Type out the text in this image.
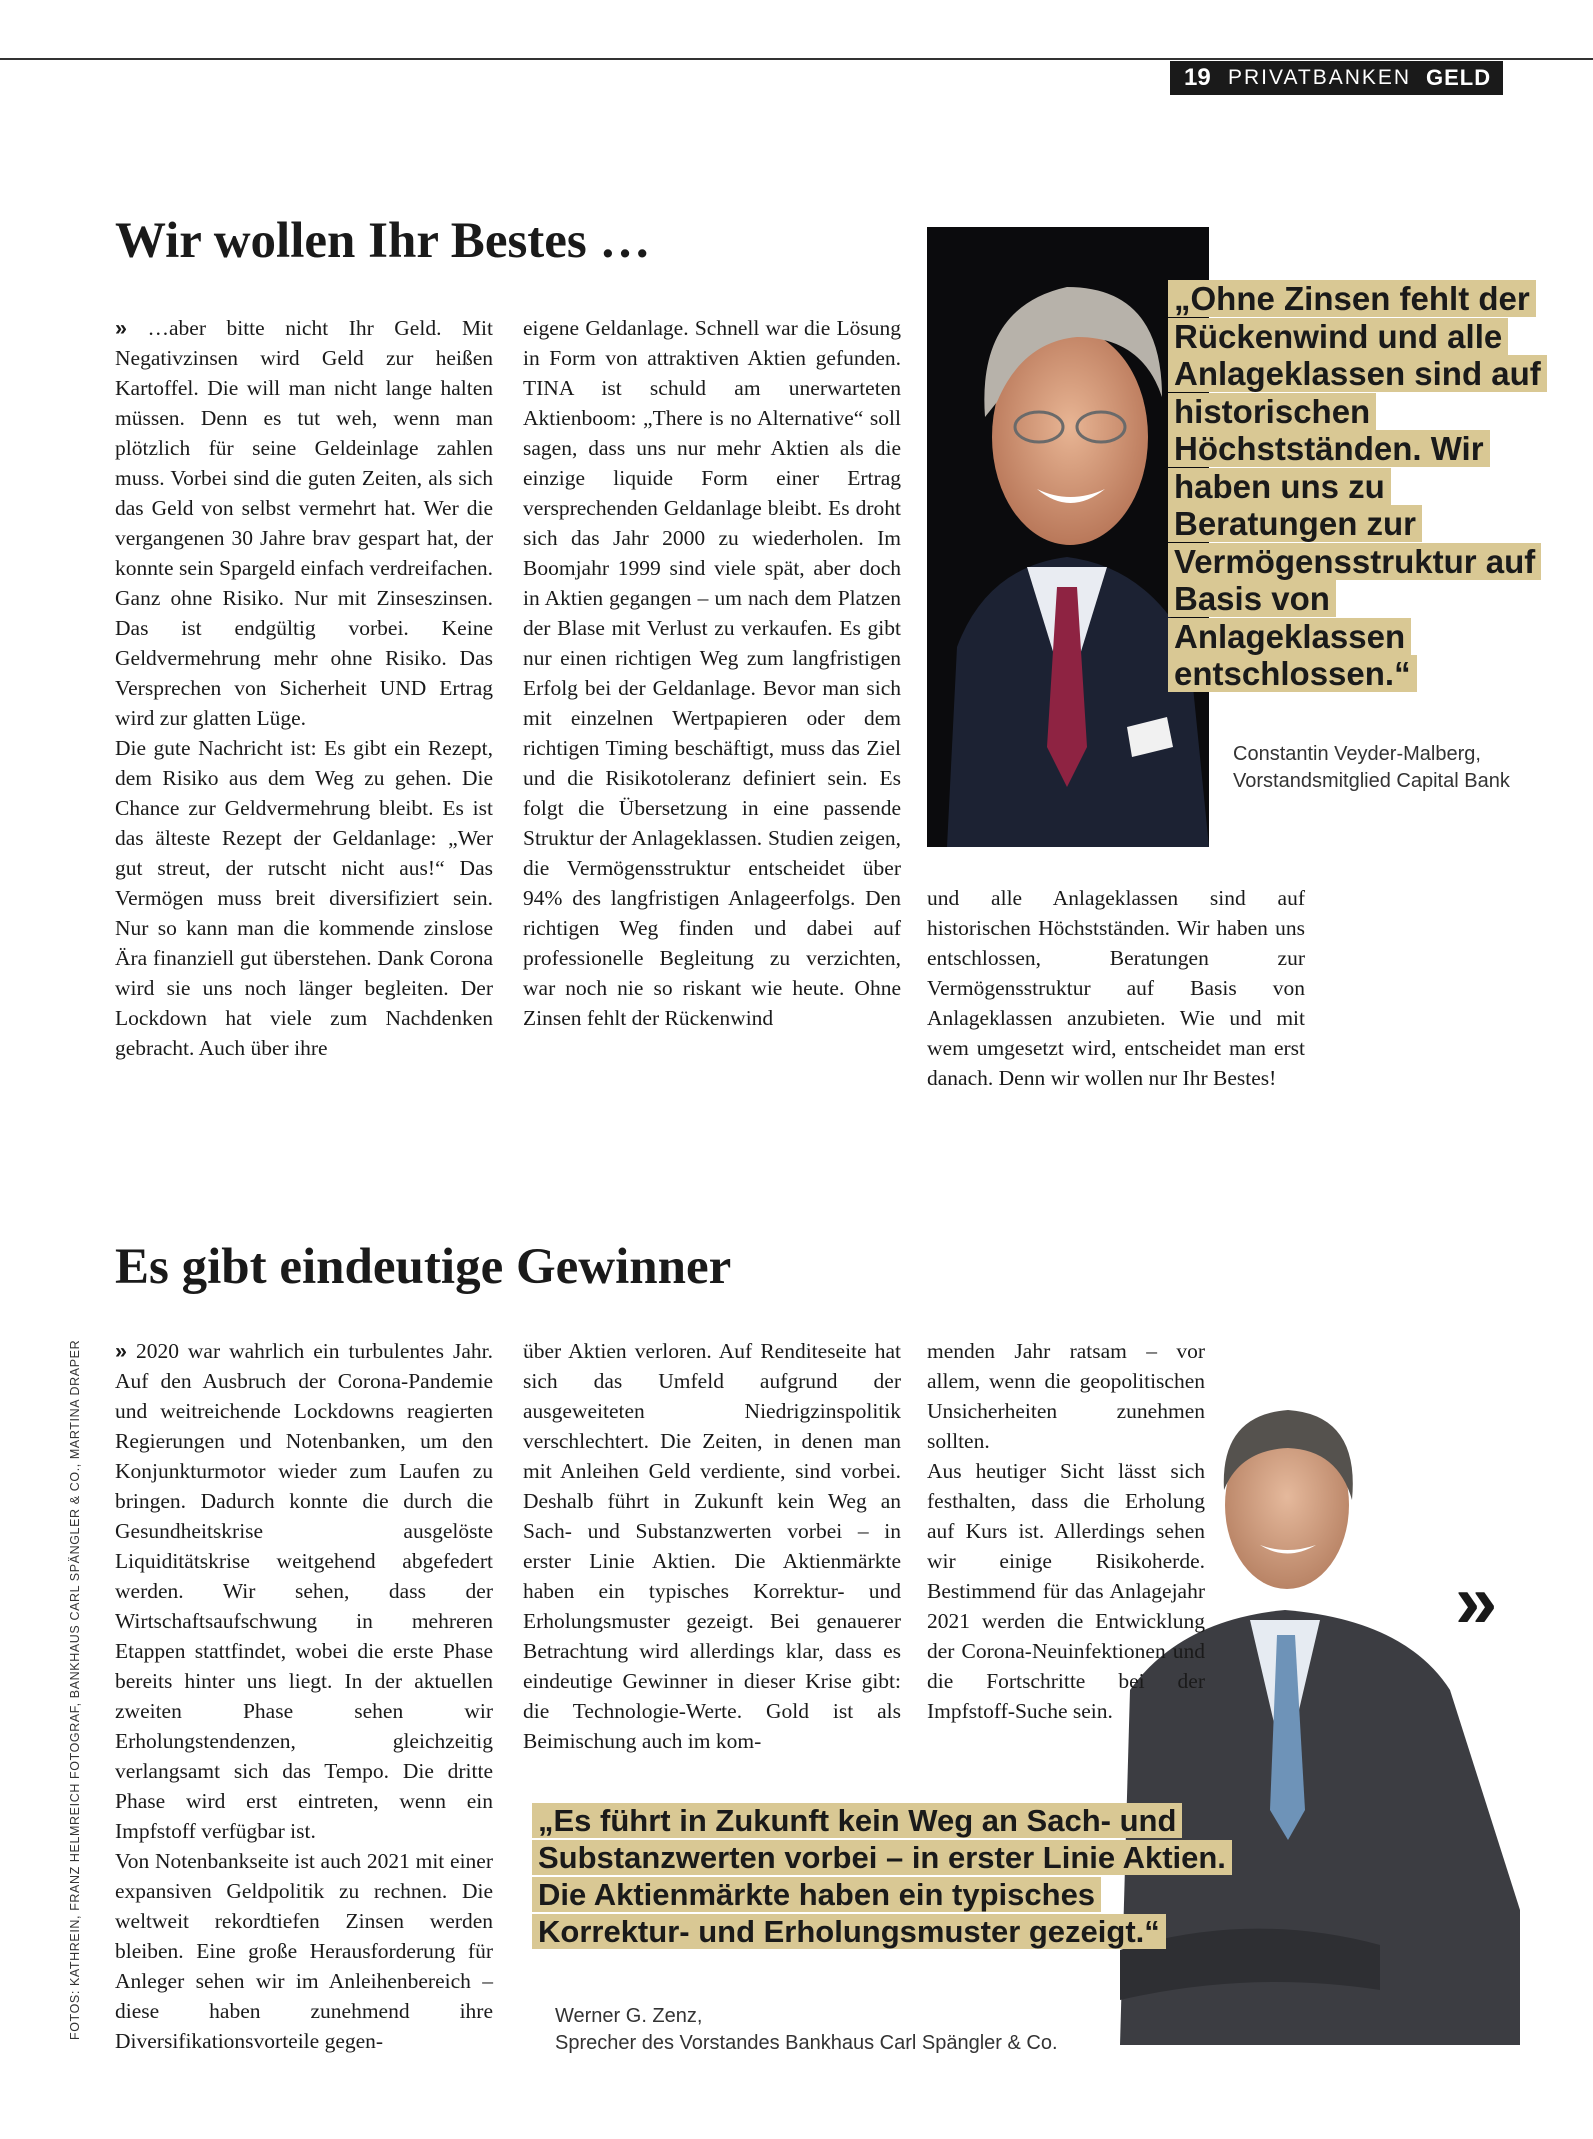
19 PRIVATBANKEN GELD
Wir wollen Ihr Bestes …

» …aber bitte nicht Ihr Geld. Mit Negativzinsen wird Geld zur heißen Kartoffel. Die will man nicht lange halten müssen. Denn es tut weh, wenn man plötzlich für seine Geldeinlage zahlen muss. Vorbei sind die guten Zeiten, als sich das Geld von selbst vermehrt hat. Wer die vergangenen 30 Jahre brav gespart hat, der konnte sein Spargeld einfach verdreifachen. Ganz ohne Risiko. Nur mit Zinseszinsen. Das ist endgültig vorbei. Keine Geldvermehrung mehr ohne Risiko. Das Versprechen von Sicherheit UND Ertrag wird zur glatten Lüge.

Die gute Nachricht ist: Es gibt ein Rezept, dem Risiko aus dem Weg zu gehen. Die Chance zur Geldvermehrung bleibt. Es ist das älteste Rezept der Geldanlage: „Wer gut streut, der rutscht nicht aus!“ Das Vermögen muss breit diversifiziert sein. Nur so kann man die kommende zinslose Ära finanziell gut überstehen. Dank Corona wird sie uns noch länger begleiten. Der Lockdown hat viele zum Nachdenken gebracht. Auch über ihre

eigene Geldanlage. Schnell war die Lösung in Form von attraktiven Aktien gefunden. TINA ist schuld am unerwarteten Aktienboom: „There is no Alternative“ soll sagen, dass uns nur mehr Aktien als die einzige liquide Form einer Ertrag versprechenden Geldanlage bleibt. Es droht sich das Jahr 2000 zu wiederholen. Im Boomjahr 1999 sind viele spät, aber doch in Aktien gegangen – um nach dem Platzen der Blase mit Verlust zu verkaufen. Es gibt nur einen richtigen Weg zum langfristigen Erfolg bei der Geldanlage. Bevor man sich mit einzelnen Wertpapieren oder dem richtigen Timing beschäftigt, muss das Ziel und die Risikotoleranz definiert sein. Es folgt die Übersetzung in eine passende Struktur der Anlageklassen. Studien zeigen, die Vermögensstruktur entscheidet über 94% des langfristigen Anlageerfolgs. Den richtigen Weg finden und dabei auf professionelle Begleitung zu verzichten, war noch nie so riskant wie heute. Ohne Zinsen fehlt der Rückenwind

„Ohne Zinsen fehlt der Rückenwind und alle Anlageklassen sind auf historischen Höchstständen. Wir haben uns zu Beratungen zur Vermögensstruktur auf Basis von Anlageklassen entschlossen.“
Constantin Veyder-Malberg,
Vorstandsmitglied Capital Bank

und alle Anlageklassen sind auf historischen Höchstständen. Wir haben uns entschlossen, Beratungen zur Vermögensstruktur auf Basis von Anlageklassen anzubieten. Wie und mit wem umgesetzt wird, entscheidet man erst danach. Denn wir wollen nur Ihr Bestes!

Es gibt eindeutige Gewinner

» 2020 war wahrlich ein turbulentes Jahr. Auf den Ausbruch der Corona-Pandemie und weitreichende Lockdowns reagierten Regierungen und Notenbanken, um den Konjunkturmotor wieder zum Laufen zu bringen. Dadurch konnte die durch die Gesundheitskrise ausgelöste Liquiditätskrise weitgehend abgefedert werden. Wir sehen, dass der Wirtschaftsaufschwung in mehreren Etappen stattfindet, wobei die erste Phase bereits hinter uns liegt. In der aktuellen zweiten Phase sehen wir Erholungstendenzen, gleichzeitig verlangsamt sich das Tempo. Die dritte Phase wird erst eintreten, wenn ein Impfstoff verfügbar ist.

Von Notenbankseite ist auch 2021 mit einer expansiven Geldpolitik zu rechnen. Die weltweit rekordtiefen Zinsen werden bleiben. Eine große Herausforderung für Anleger sehen wir im Anleihenbereich – diese haben zunehmend ihre Diversifikationsvorteile gegen-

über Aktien verloren. Auf Renditeseite hat sich das Umfeld aufgrund der ausgeweiteten Niedrigzinspolitik verschlechtert. Die Zeiten, in denen man mit Anleihen Geld verdiente, sind vorbei. Deshalb führt in Zukunft kein Weg an Sach- und Substanzwerten vorbei – in erster Linie Aktien. Die Aktienmärkte haben ein typisches Korrektur- und Erholungsmuster gezeigt. Bei genauerer Betrachtung wird allerdings klar, dass es eindeutige Gewinner in dieser Krise gibt: die Technologie-Werte. Gold ist als Beimischung auch im kom-

menden Jahr ratsam – vor allem, wenn die geopolitischen Unsicherheiten zunehmen sollten.

Aus heutiger Sicht lässt sich festhalten, dass die Erholung auf Kurs ist. Allerdings sehen wir einige Risikoherde. Bestimmend für das Anlagejahr 2021 werden die Entwicklung der Corona-Neuinfektionen und die Fortschritte bei der Impfstoff-Suche sein.

»
„Es führt in Zukunft kein Weg an Sach- und Substanzwerten vorbei – in erster Linie Aktien. Die Aktienmärkte haben ein typisches Korrektur- und Erholungsmuster gezeigt.“
Werner G. Zenz,
Sprecher des Vorstandes Bankhaus Carl Spängler & Co.
FOTOS: KATHREIN, FRANZ HELMREICH FOTOGRAF, BANKHAUS CARL SPÄNGLER & CO., MARTINA DRAPER
